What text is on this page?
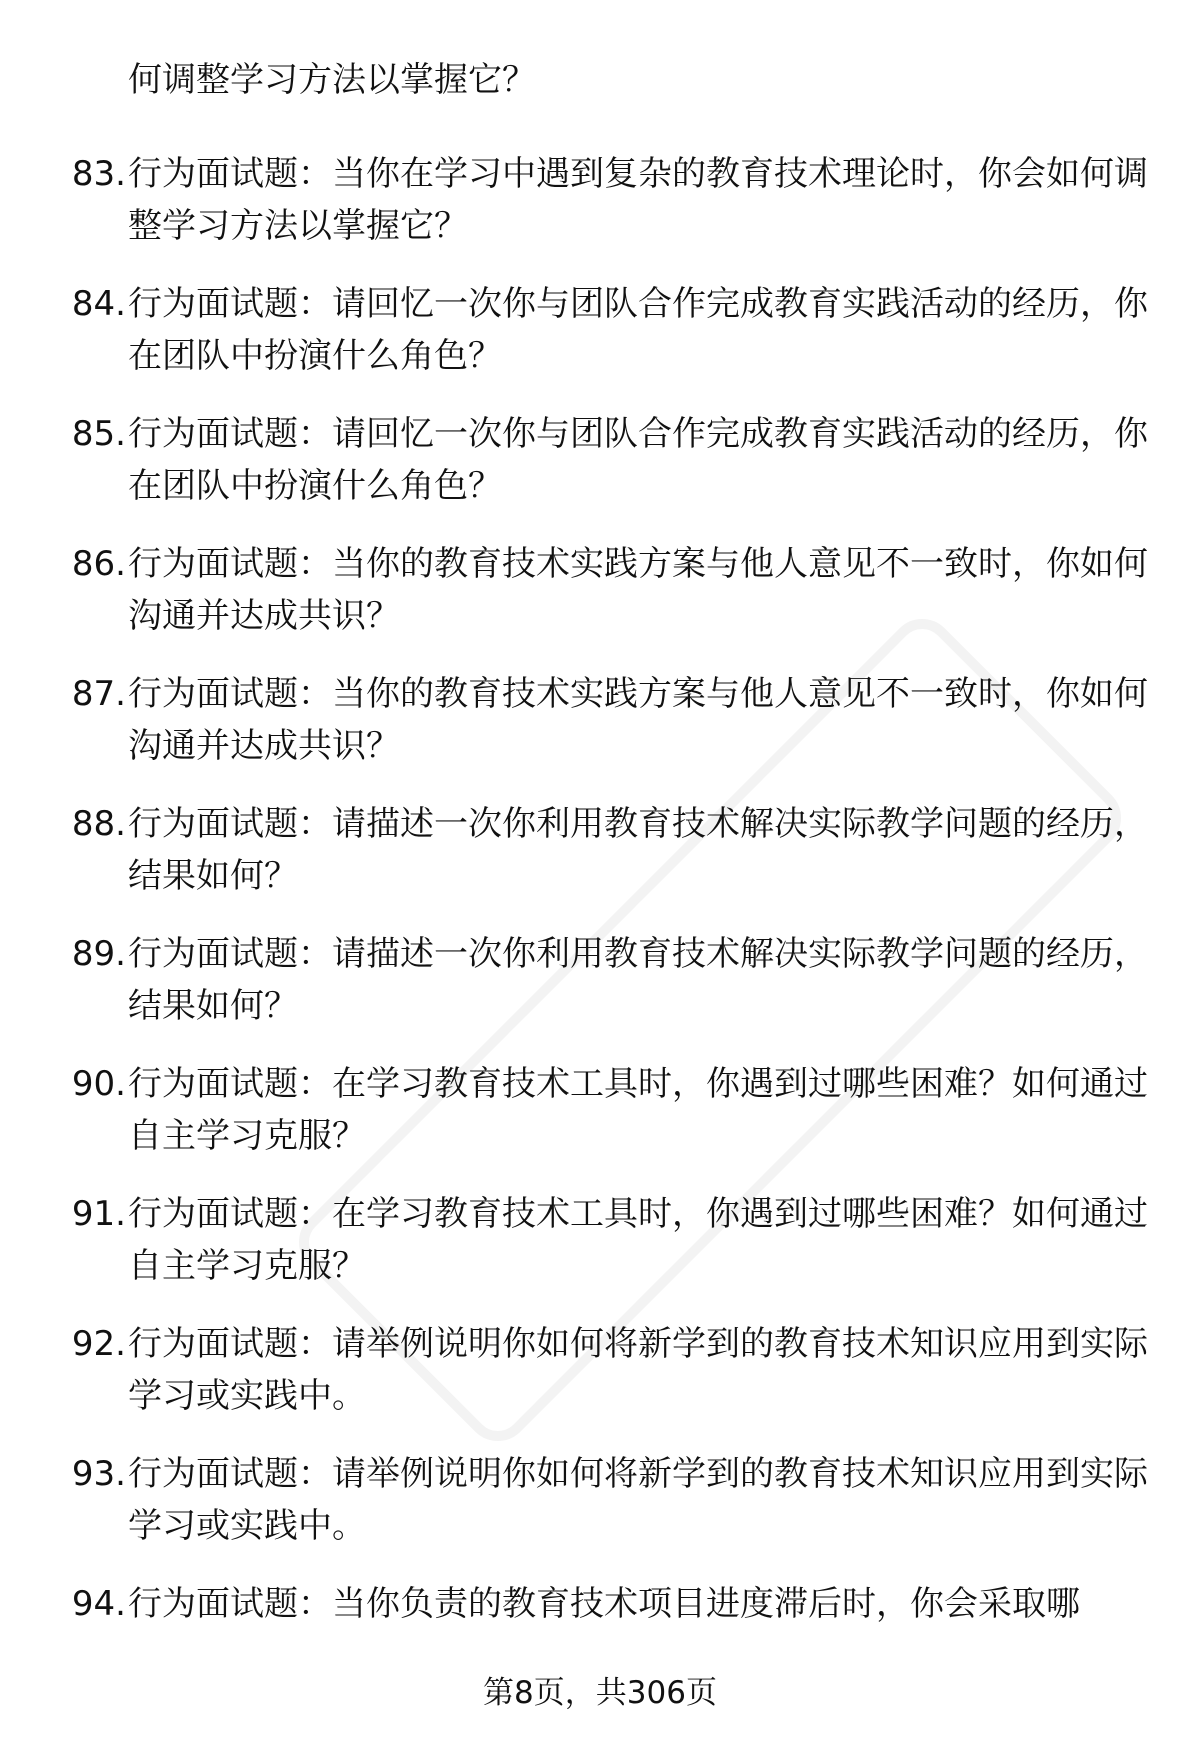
何调整学习方法以掌握它？
83. 行为面试题：当你在学习中遇到复杂的教育技术理论时，你会如何调整学习方法以掌握它？
84. 行为面试题：请回忆一次你与团队合作完成教育实践活动的经历，你在团队中扮演什么角色？
85. 行为面试题：请回忆一次你与团队合作完成教育实践活动的经历，你在团队中扮演什么角色？
86. 行为面试题：当你的教育技术实践方案与他人意见不一致时，你如何沟通并达成共识？
87. 行为面试题：当你的教育技术实践方案与他人意见不一致时，你如何沟通并达成共识？
88. 行为面试题：请描述一次你利用教育技术解决实际教学问题的经历，结果如何？
89. 行为面试题：请描述一次你利用教育技术解决实际教学问题的经历，结果如何？
90. 行为面试题：在学习教育技术工具时，你遇到过哪些困难？如何通过自主学习克服？
91. 行为面试题：在学习教育技术工具时，你遇到过哪些困难？如何通过自主学习克服？
92. 行为面试题：请举例说明你如何将新学到的教育技术知识应用到实际学习或实践中。
93. 行为面试题：请举例说明你如何将新学到的教育技术知识应用到实际学习或实践中。
94. 行为面试题：当你负责的教育技术项目进度滞后时，你会采取哪
第8页，共306页
